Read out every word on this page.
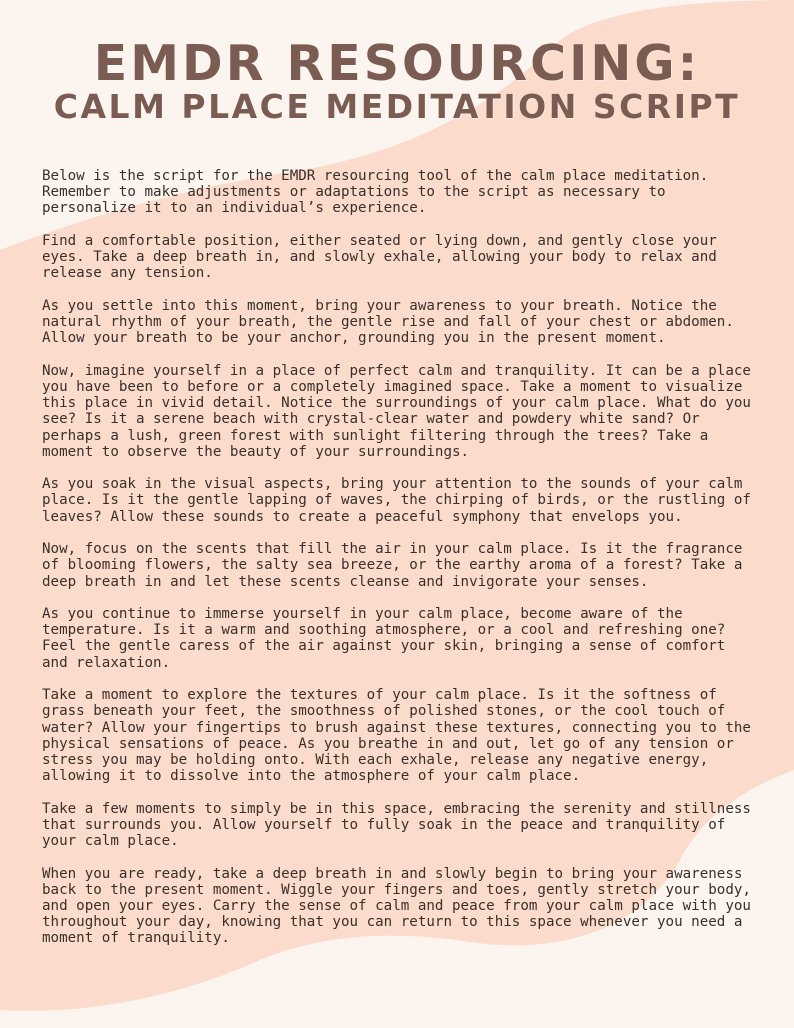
EMDR RESOURCING:
CALM PLACE MEDITATION SCRIPT

Below is the script for the EMDR resourcing tool of the calm place meditation. Remember to make adjustments or adaptations to the script as necessary to personalize it to an individual’s experience.

Find a comfortable position, either seated or lying down, and gently close your eyes. Take a deep breath in, and slowly exhale, allowing your body to relax and release any tension.

As you settle into this moment, bring your awareness to your breath. Notice the natural rhythm of your breath, the gentle rise and fall of your chest or abdomen. Allow your breath to be your anchor, grounding you in the present moment.

Now, imagine yourself in a place of perfect calm and tranquility. It can be a place you have been to before or a completely imagined space. Take a moment to visualize this place in vivid detail. Notice the surroundings of your calm place. What do you see? Is it a serene beach with crystal-clear water and powdery white sand? Or perhaps a lush, green forest with sunlight filtering through the trees? Take a moment to observe the beauty of your surroundings.

As you soak in the visual aspects, bring your attention to the sounds of your calm place. Is it the gentle lapping of waves, the chirping of birds, or the rustling of leaves? Allow these sounds to create a peaceful symphony that envelops you.

Now, focus on the scents that fill the air in your calm place. Is it the fragrance of blooming flowers, the salty sea breeze, or the earthy aroma of a forest? Take a deep breath in and let these scents cleanse and invigorate your senses.

As you continue to immerse yourself in your calm place, become aware of the temperature. Is it a warm and soothing atmosphere, or a cool and refreshing one? Feel the gentle caress of the air against your skin, bringing a sense of comfort and relaxation.

Take a moment to explore the textures of your calm place. Is it the softness of grass beneath your feet, the smoothness of polished stones, or the cool touch of water? Allow your fingertips to brush against these textures, connecting you to the physical sensations of peace. As you breathe in and out, let go of any tension or stress you may be holding onto. With each exhale, release any negative energy, allowing it to dissolve into the atmosphere of your calm place.

Take a few moments to simply be in this space, embracing the serenity and stillness that surrounds you. Allow yourself to fully soak in the peace and tranquility of your calm place.

When you are ready, take a deep breath in and slowly begin to bring your awareness back to the present moment. Wiggle your fingers and toes, gently stretch your body, and open your eyes. Carry the sense of calm and peace from your calm place with you throughout your day, knowing that you can return to this space whenever you need a moment of tranquility.
